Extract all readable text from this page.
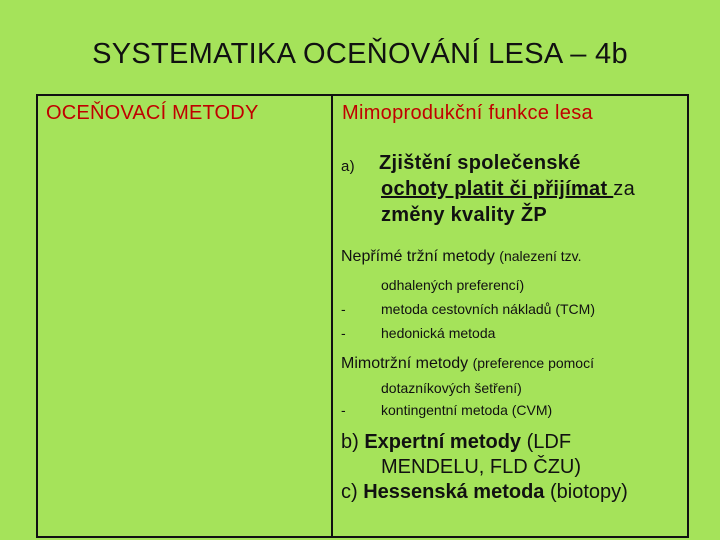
SYSTEMATIKA OCEŇOVÁNÍ LESA – 4b
OCEŇOVACÍ METODY	Mimoprodukční funkce lesa
a)	Zjištění společenské
ochoty platit či přijímat za
změny kvality ŽP
Nepřímé tržní metody (nalezení tzv.
odhalených preferencí)
-	metoda cestovních nákladů (TCM)
-	hedonická metoda
Mimotržní metody (preference pomocí
dotazníkových šetření)
-	kontingentní metoda (CVM)
b) Expertní metody (LDF
MENDELU, FLD ČZU)
c) Hessenská metoda (biotopy)
